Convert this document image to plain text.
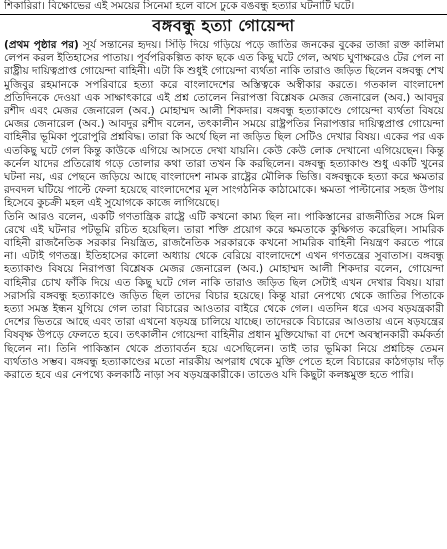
শিকারিরা। বিক্ষোভের এই সময়ের সিনেমা হলে বাসে ঢুকে বঙবন্ধু হত্যার ঘটনাটি ঘটে।
বঙ্গবন্ধু হত্যা গোয়েন্দা

(প্রথম পৃষ্ঠার পর) সূর্য সন্তানের হৃদয়। সিঁড়ি দিয়ে গড়িয়ে পড়ে জাতির জনকের বুকের তাজা রক্ত কালিমা লেপন করল ইতিহাসের পাতায়। পূর্বপরিকল্পিত কাফ ছকে এত কিছু ঘটে গেল, অথচ ঘুণাক্ষরেও টের পেল না রাষ্ট্রীয় দায়িত্বপ্রাপ্ত গোয়েন্দা বাহিনী। এটা কি শুধুই গোয়েন্দা ব্যর্থতা নাকি তারাও জড়িত ছিলেন বঙ্গবন্ধু শেখ মুজিবুর রহমানকে সপরিবারে হত্যা করে বাংলাদেশের অস্তিত্বকে অস্বীকার করতে। গতকাল বাংলাদেশ প্রতিদিনকে দেওয়া এক সাক্ষাৎকারে এই প্রশ্ন তোলেন নিরাপত্তা বিশ্লেষক মেজর জেনারেল (অব.) আবদুর রশীদ এবং মেজর জেনারেল (অব.) মোহাম্মদ আলী শিকদার। বঙ্গবন্ধু হত্যাকাণ্ডে গোয়েন্দা ব্যর্থতা বিষয়ে মেজর জেনারেল (অব.) আবদুর রশীদ বলেন, তৎকালীন সময়ে রাষ্ট্রপতির নিরাপত্তার দায়িত্বপ্রাপ্ত গোয়েন্দা বাহিনীর ভূমিকা পুরোপুরি প্রশ্নবিদ্ধ। তারা কি অর্থে ছিল না জড়িত ছিল সেটিও দেখার বিষয়। একের পর এক এতকিছু ঘটে গেল কিন্তু কাউকে এগিয়ে আসতে দেখা যায়নি। কেউ কেউ লোক দেখানো এগিয়েছেন। কিন্তু কর্নেল যাদের প্রতিরোধ গড়ে তোলার কথা তারা তখন কি করছিলেন। বঙ্গবন্ধু হত্যাকাণ্ড শুধু একটি খুনের ঘটনা নয়, এর পেছনে জড়িয়ে আছে বাংলাদেশ নামক রাষ্ট্রের মৌলিক ভিত্তি। বঙ্গবন্ধুকে হত্যা করে ক্ষমতার রদবদল ঘটিয়ে পাল্টে ফেলা হয়েছে বাংলাদেশের মূল সাংগঠনিক কাঠামোকে। ক্ষমতা পাল্টানোর সহজ উপায় হিসেবে কুচক্রী মহল এই সুযোগকে কাজে লাগিয়েছে।

তিনি আরও বলেন, একটি গণতান্ত্রিক রাষ্ট্রে এটি কখনো কাম্য ছিল না। পাকিস্তানের রাজনীতির সঙ্গে মিল রেখে এই ঘটনার পটভূমি রচিত হয়েছিল। তারা শক্তি প্রয়োগ করে ক্ষমতাকে কুক্ষিগত করেছিল। সামরিক বাহিনী রাজনৈতিক সরকার নিয়ন্ত্রিত, রাজনৈতিক সরকারকে কখনো সামরিক বাহিনী নিয়ন্ত্রণ করতে পারে না। এটাই গণতন্ত্র। ইতিহাসের কালো অধ্যায় থেকে বেরিয়ে বাংলাদেশে এখন গণতন্ত্রের সুবাতাস। বঙ্গবন্ধু হত্যাকাণ্ড বিষয়ে নিরাপত্তা বিশ্লেষক মেজর জেনারেল (অব.) মোহাম্মদ আলী শিকদার বলেন, গোয়েন্দা বাহিনীর চোখ ফাঁকি দিয়ে এত কিছু ঘটে গেল নাকি তারাও জড়িত ছিল সেটাই এখন দেখার বিষয়। যারা সরাসরি বঙ্গবন্ধু হত্যাকাণ্ডে জড়িত ছিল তাদের বিচার হয়েছে। কিন্তু যারা নেপথ্যে থেকে জাতির পিতাকে হত্যা সমস্ত ইন্ধন যুগিয়ে গেল তারা বিচারের আওতার বাইরে থেকে গেল। এতদিন ধরে এসব ষড়যন্ত্রকারী দেশের ভিতরে আছে এবং তারা এখনো ষড়যন্ত্র চালিয়ে যাচ্ছে। তাদেরকে বিচারের আওতায় এনে ষড়যন্ত্রের বিষবৃক্ষ উপড়ে ফেলতে হবে। তৎকালীন গোয়েন্দা বাহিনীর প্রধান মুক্তিযোদ্ধা বা দেশে অবস্থানকারী কর্মকর্তা ছিলেন না। তিনি পাকিস্তান থেকে প্রত্যাবর্তন হয়ে এসেছিলেন। তাই তার ভূমিকা নিয়ে প্রশ্নচিহ্ন তেমন ব্যর্থতাও সম্ভব। বঙ্গবন্ধু হত্যাকাণ্ডের মতো নারকীয় অপরাধ থেকে মুক্তি পেতে হলে বিচারের কাঠগড়ায় দাঁড় করাতে হবে এর নেপথ্যে কলকাঠি নাড়া সব ষড়যন্ত্রকারীকে। তাতেও যদি কিছুটা কলঙ্কমুক্ত হতে পারি।
